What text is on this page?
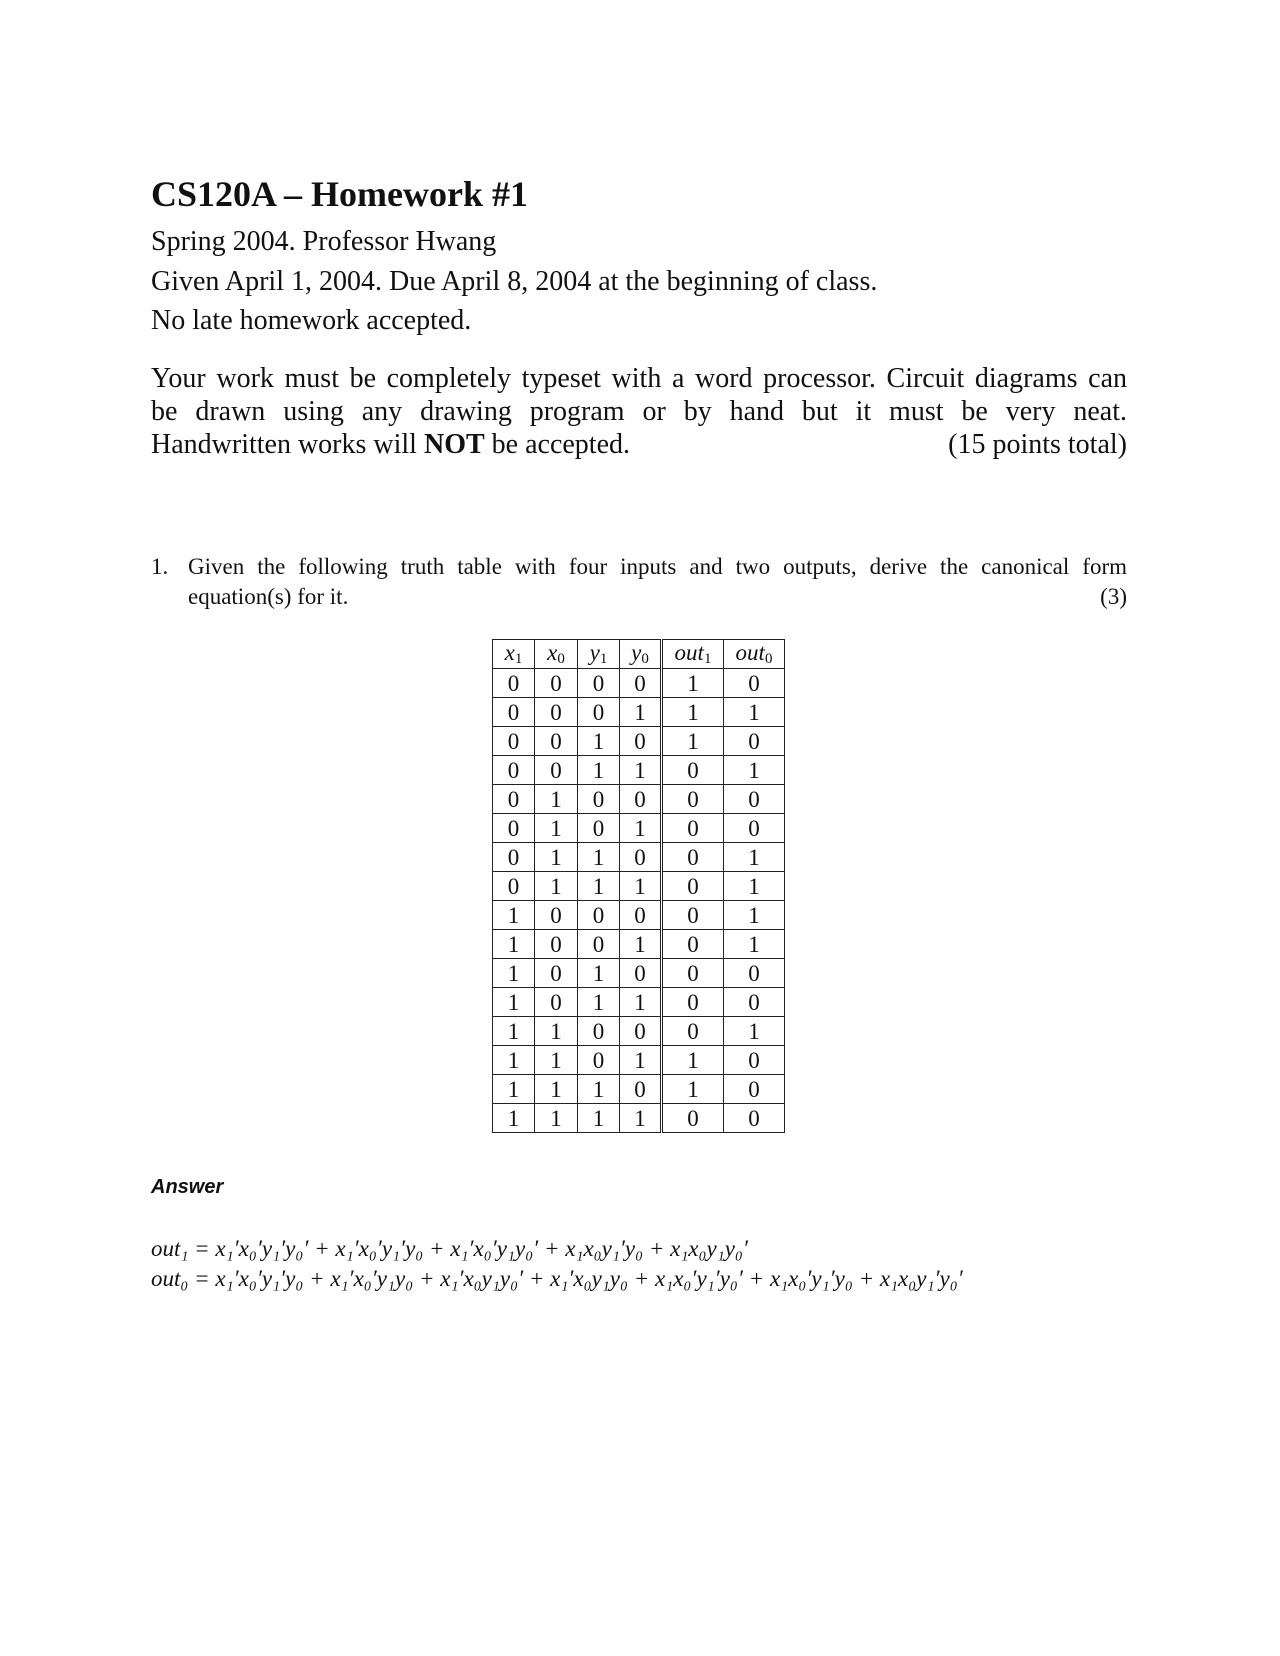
CS120A – Homework #1

Spring 2004. Professor Hwang

Given April 1, 2004. Due April 8, 2004 at the beginning of class.

No late homework accepted.

Your work must be completely typeset with a word processor. Circuit diagrams can
be drawn using any drawing program or by hand but it must be very neat.
Handwritten works will NOT be accepted.	(15 points total)
1. Given the following truth table with four inputs and two outputs, derive the canonical form
equation(s) for it.	(3)
$x_1$	$x_0$	$y_1$	$y_0$	out$_1$	out$_0$
0	0	0	0	1	0
0	0	0	1	1	1
0	0	1	0	1	0
0	0	1	1	0	1
0	1	0	0	0	0
0	1	0	1	0	0
0	1	1	0	0	1
0	1	1	1	0	1
1	0	0	0	0	1
1	0	0	1	0	1
1	0	1	0	0	0
1	0	1	1	0	0
1	1	0	0	0	1
1	1	0	1	1	0
1	1	1	0	1	0
1	1	1	1	0	0

Answer

out₁ = x₁′x₀′y₁′y₀′ + x₁′x₀′y₁′y₀ + x₁′x₀′y₁y₀′ + x₁x₀y₁′y₀ + x₁x₀y₁y₀′

out₀ = x₁′x₀′y₁′y₀ + x₁′x₀′y₁y₀ + x₁′x₀y₁y₀′ + x₁′x₀y₁y₀ + x₁x₀′y₁′y₀′ + x₁x₀′y₁′y₀ + x₁x₀y₁′y₀′
